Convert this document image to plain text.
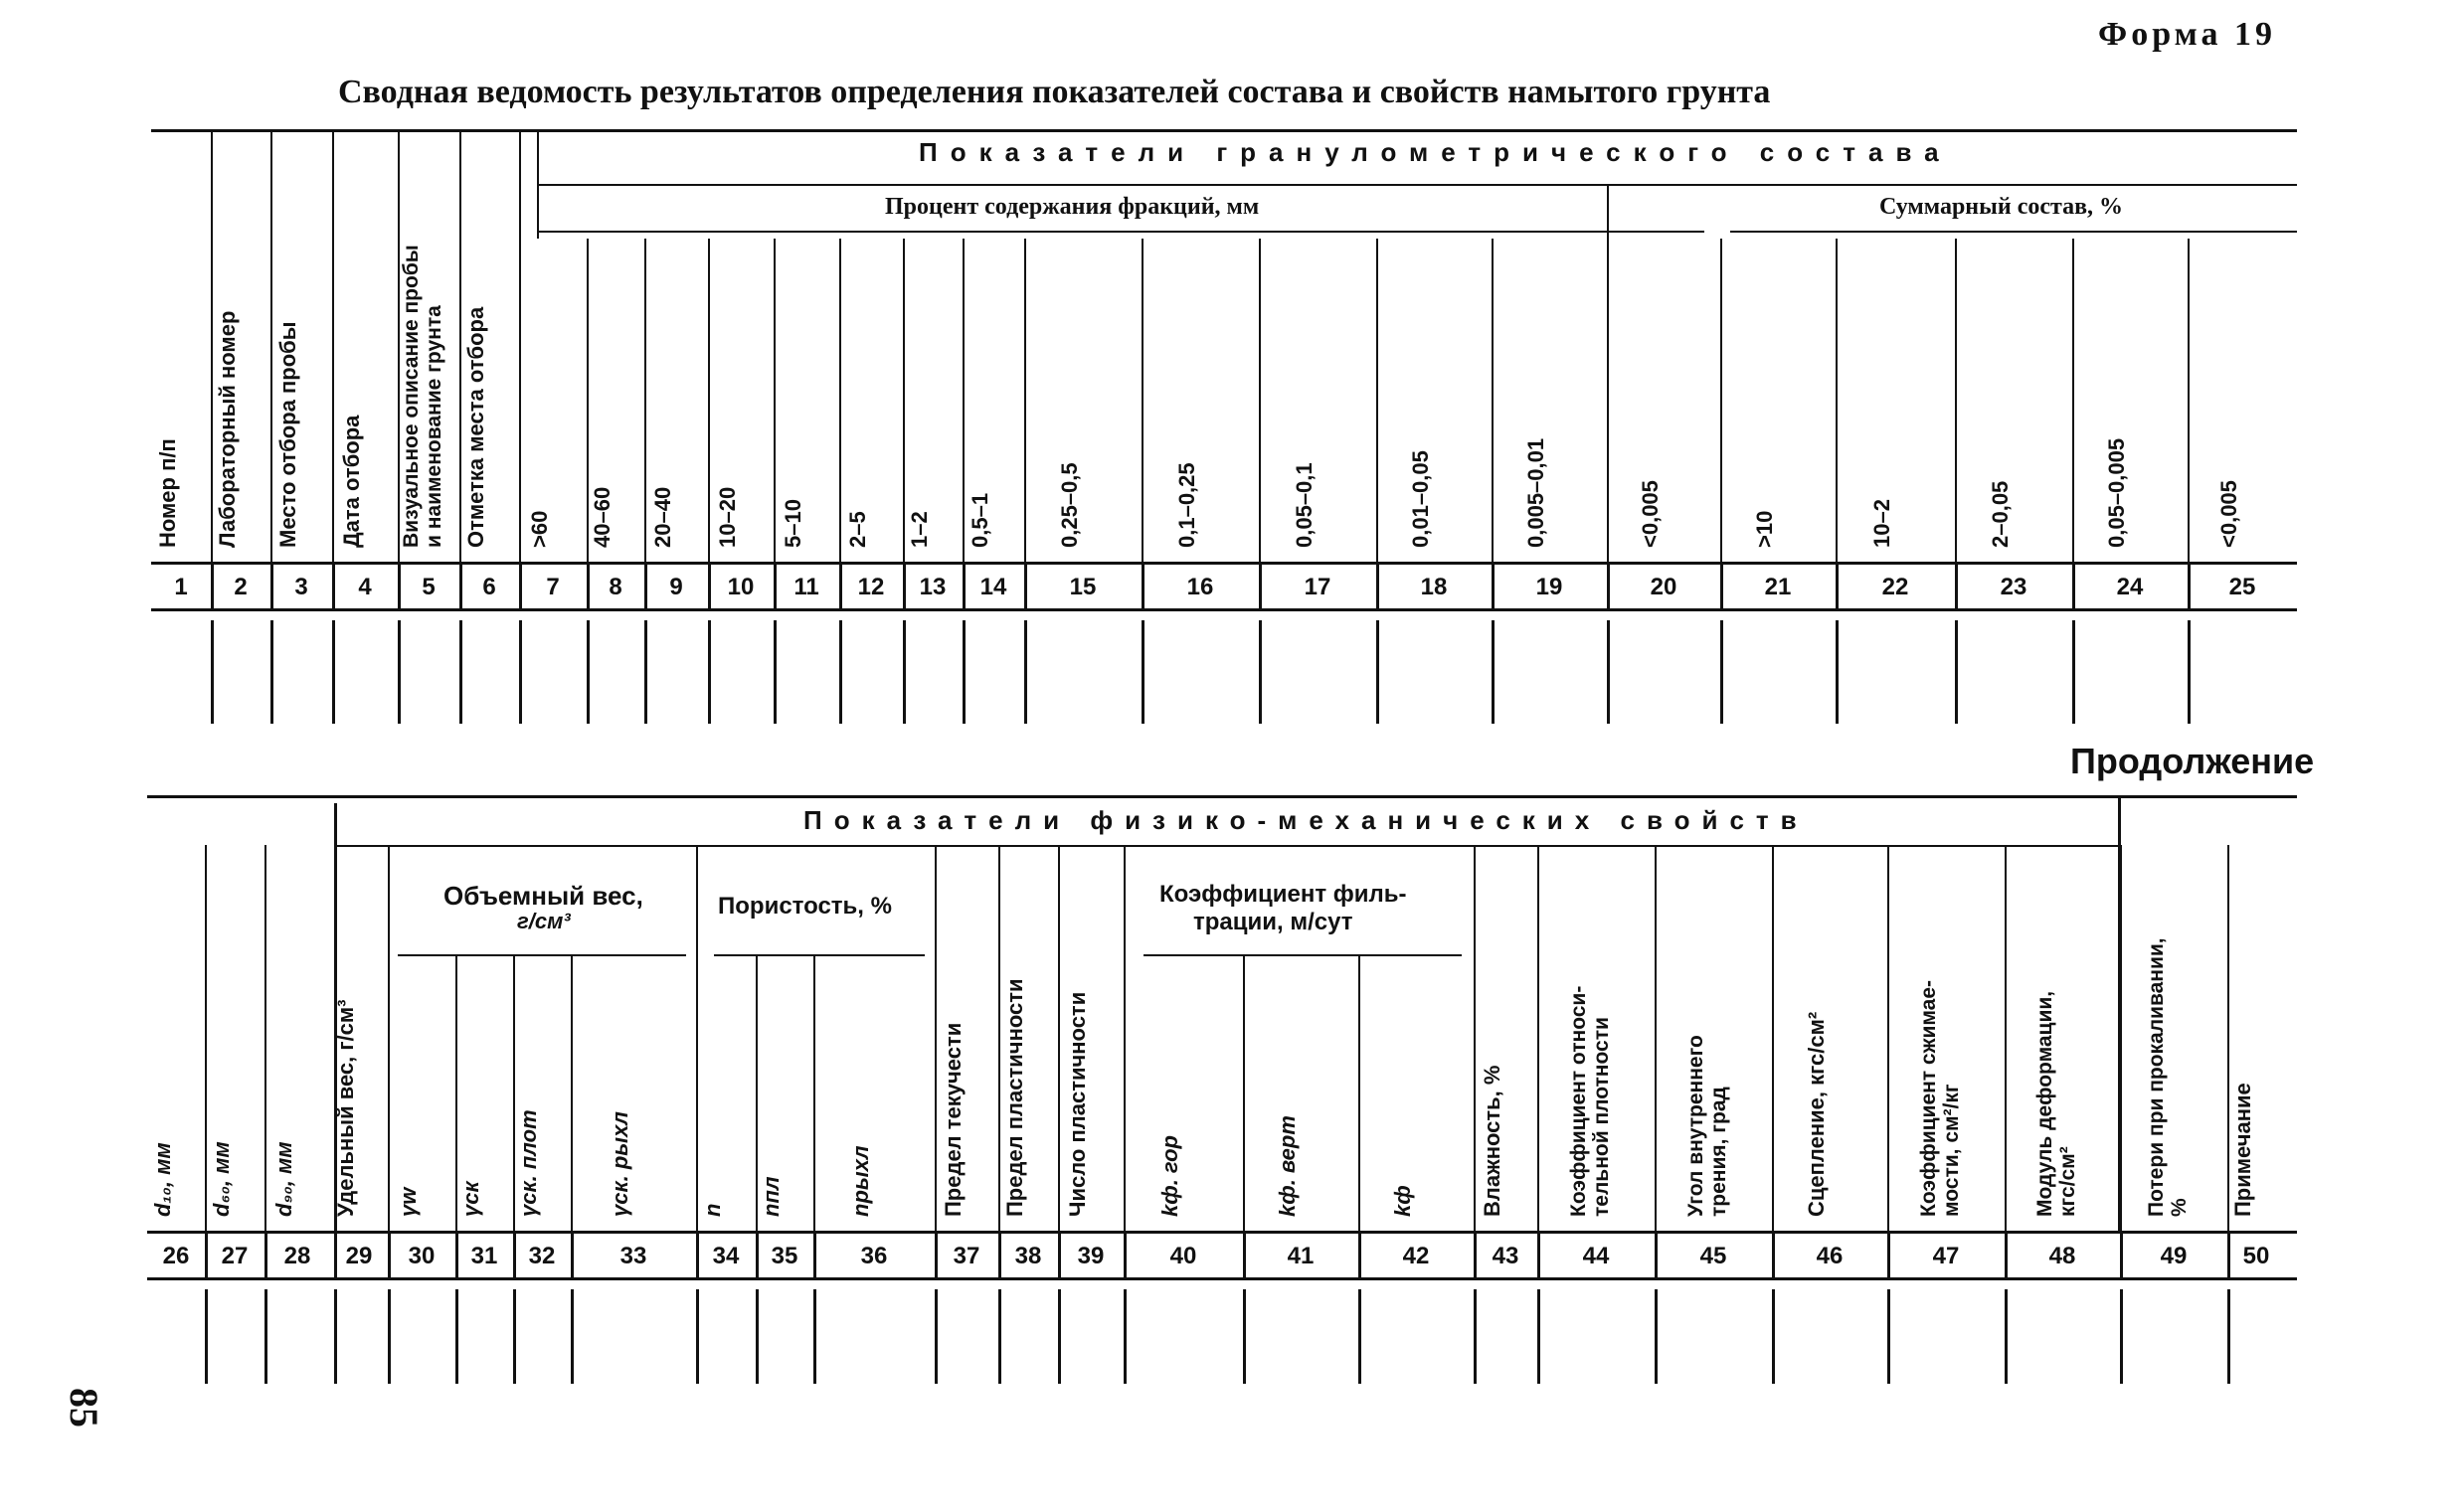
Форма 19
Сводная ведомость результатов определения показателей состава и свойств намытого грунта
Продолжение
85
Показатели гранулометрического состава
Процент содержания фракций, мм	Суммарный состав, %
Номер п/п
1
Лабораторный номер
2
Место отбора пробы
3
Дата отбора
4
Визуальное описание пробы и наименование грунта
5
Отметка места отбора
6
>60
7
40–60
8
20–40
9
10–20
10
5–10
11
2–5
12
1–2
13
0,5–1
14
0,25–0,5
15
0,1–0,25
16
0,05–0,1
17
0,01–0,05
18
0,005–0,01
19
<0,005
20
>10
21
10–2
22
2–0,05
23
0,05–0,005
24
<0,005
25
Показатели физико-механических свойств
Объемный вес,
г/см³
Пористость, %	Коэффициент филь-
трации, м/сут
d₁₀, мм
26
d₆₀, мм
27
d₉₀, мм
28
Удельный вес, г/см³
29
γw
30
γск
31
γск. плот
32
γск. рыхл
33
n
34
nпл
35
nрыхл
36
Предел текучести
37
Предел пластичности
38
Число пластичности
39
kф. гор
40
kф. верт
41
kф
42
Влажность, %
43
Коэффициент относи- тельной плотности
44
Угол внутреннего трения, град
45
Сцепление, кгс/см²
46
Коэффициент сжимае- мости, см²/кг
47
Модуль деформации, кгс/см²
48
Потери при прокаливании, %
49
Примечание
50
